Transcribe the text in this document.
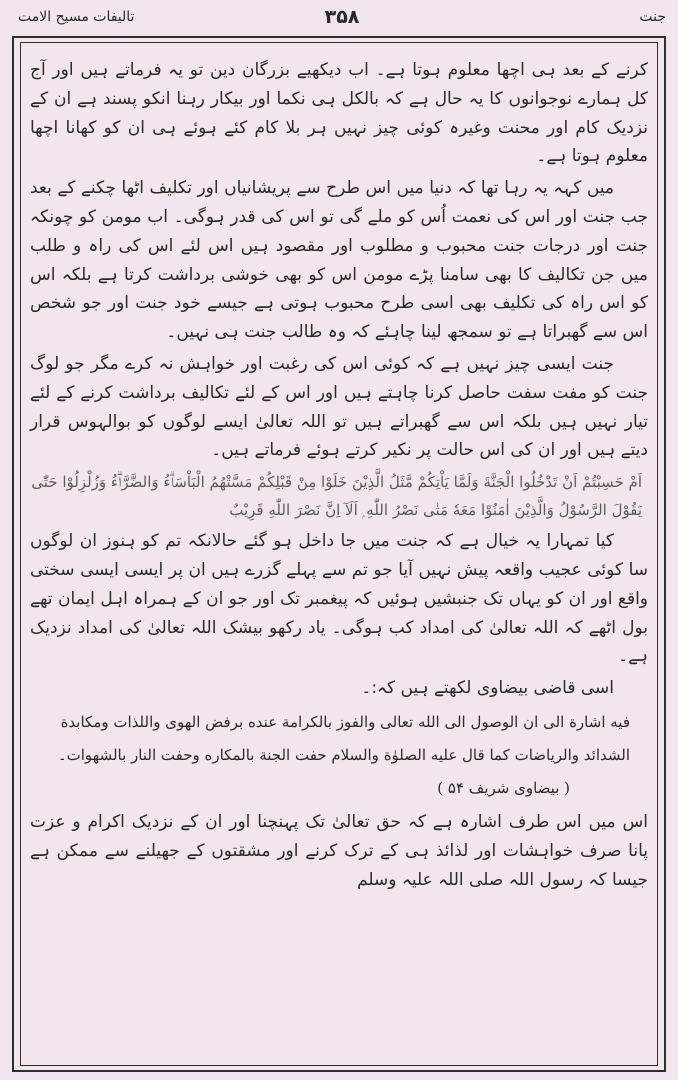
تالیفات مسیح الامت	۳۵۸	جنت

کرنے کے بعد ہی اچھا معلوم ہوتا ہے۔ اب دیکھیے بزرگان دین تو یہ فرماتے ہیں اور آج کل ہمارے نوجوانوں کا یہ حال ہے کہ بالکل ہی نکما اور بیکار رہنا انکو پسند ہے ان کے نزدیک کام اور محنت وغیرہ کوئی چیز نہیں ہر بلا کام کئے ہوئے ہی ان کو کھانا اچھا معلوم ہوتا ہے۔

میں کہہ یہ رہا تھا کہ دنیا میں اس طرح سے پریشانیاں اور تکلیف اٹھا چکنے کے بعد جب جنت اور اس کی نعمت اُس کو ملے گی تو اس کی قدر ہوگی۔ اب مومن کو چونکہ جنت اور درجات جنت محبوب و مطلوب اور مقصود ہیں اس لئے اس کی راہ و طلب میں جن تکالیف کا بھی سامنا پڑے مومن اس کو بھی خوشی برداشت کرتا ہے بلکہ اس کو اس راہ کی تکلیف بھی اسی طرح محبوب ہوتی ہے جیسے خود جنت اور جو شخص اس سے گھبراتا ہے تو سمجھ لینا چاہئے کہ وہ طالب جنت ہی نہیں۔

جنت ایسی چیز نہیں ہے کہ کوئی اس کی رغبت اور خواہش نہ کرے مگر جو لوگ جنت کو مفت سفت حاصل کرنا چاہتے ہیں اور اس کے لئے تکالیف برداشت کرنے کے لئے تیار نہیں ہیں بلکہ اس سے گھبراتے ہیں تو اللہ تعالیٰ ایسے لوگوں کو بوالہوس قرار دیتے ہیں اور ان کی اس حالت پر نکیر کرتے ہوئے فرماتے ہیں۔

اَمْ حَسِبْتُمْ اَنْ تَدْخُلُوا الْجَنَّةَ وَلَمَّا یَاْتِكُمْ مَّثَلُ الَّذِیْنَ خَلَوْا مِنْ قَبْلِكُمْ مَسَّتْهُمُ الْبَاْسَاۗءُ وَالضَّرَّاۗءُ وَزُلْزِلُوْا حَتّٰی یَقُوْلَ الرَّسُوْلُ وَالَّذِیْنَ اٰمَنُوْا مَعَهٗ مَتٰی نَصْرُ اللّٰهِ ۭ اَلَآ اِنَّ نَصْرَ اللّٰهِ قَرِیْبٌ

کیا تمہارا یہ خیال ہے کہ جنت میں جا داخل ہو گئے حالانکہ تم کو ہنوز ان لوگوں سا کوئی عجیب واقعہ پیش نہیں آیا جو تم سے پہلے گزرے ہیں ان پر ایسی ایسی سختی واقع اور ان کو یہاں تک جنبشیں ہوئیں کہ پیغمبر تک اور جو ان کے ہمراہ اہل ایمان تھے بول اٹھے کہ اللہ تعالیٰ کی امداد کب ہوگی۔ یاد رکھو بیشک اللہ تعالیٰ کی امداد نزدیک ہے۔

اسی قاضی بیضاوی لکھتے ہیں کہ:۔

فیه اشارة الی ان الوصول الی الله تعالی والفوز بالكرامة عنده برفض الهوی واللذات ومكابدة الشدائد والریاضات كما قال علیه الصلوٰة والسلام حفت الجنة بالمكاره وحفت النار بالشهوات۔ ( بیضاوی شریف ۵۴ )

اس میں اس طرف اشارہ ہے کہ حق تعالیٰ تک پہنچنا اور ان کے نزدیک اکرام و عزت پانا صرف خواہشات اور لذائذ ہی کے ترک کرنے اور مشقتوں کے جھیلنے سے ممکن ہے جیسا کہ رسول اللہ صلی اللہ علیہ وسلم
